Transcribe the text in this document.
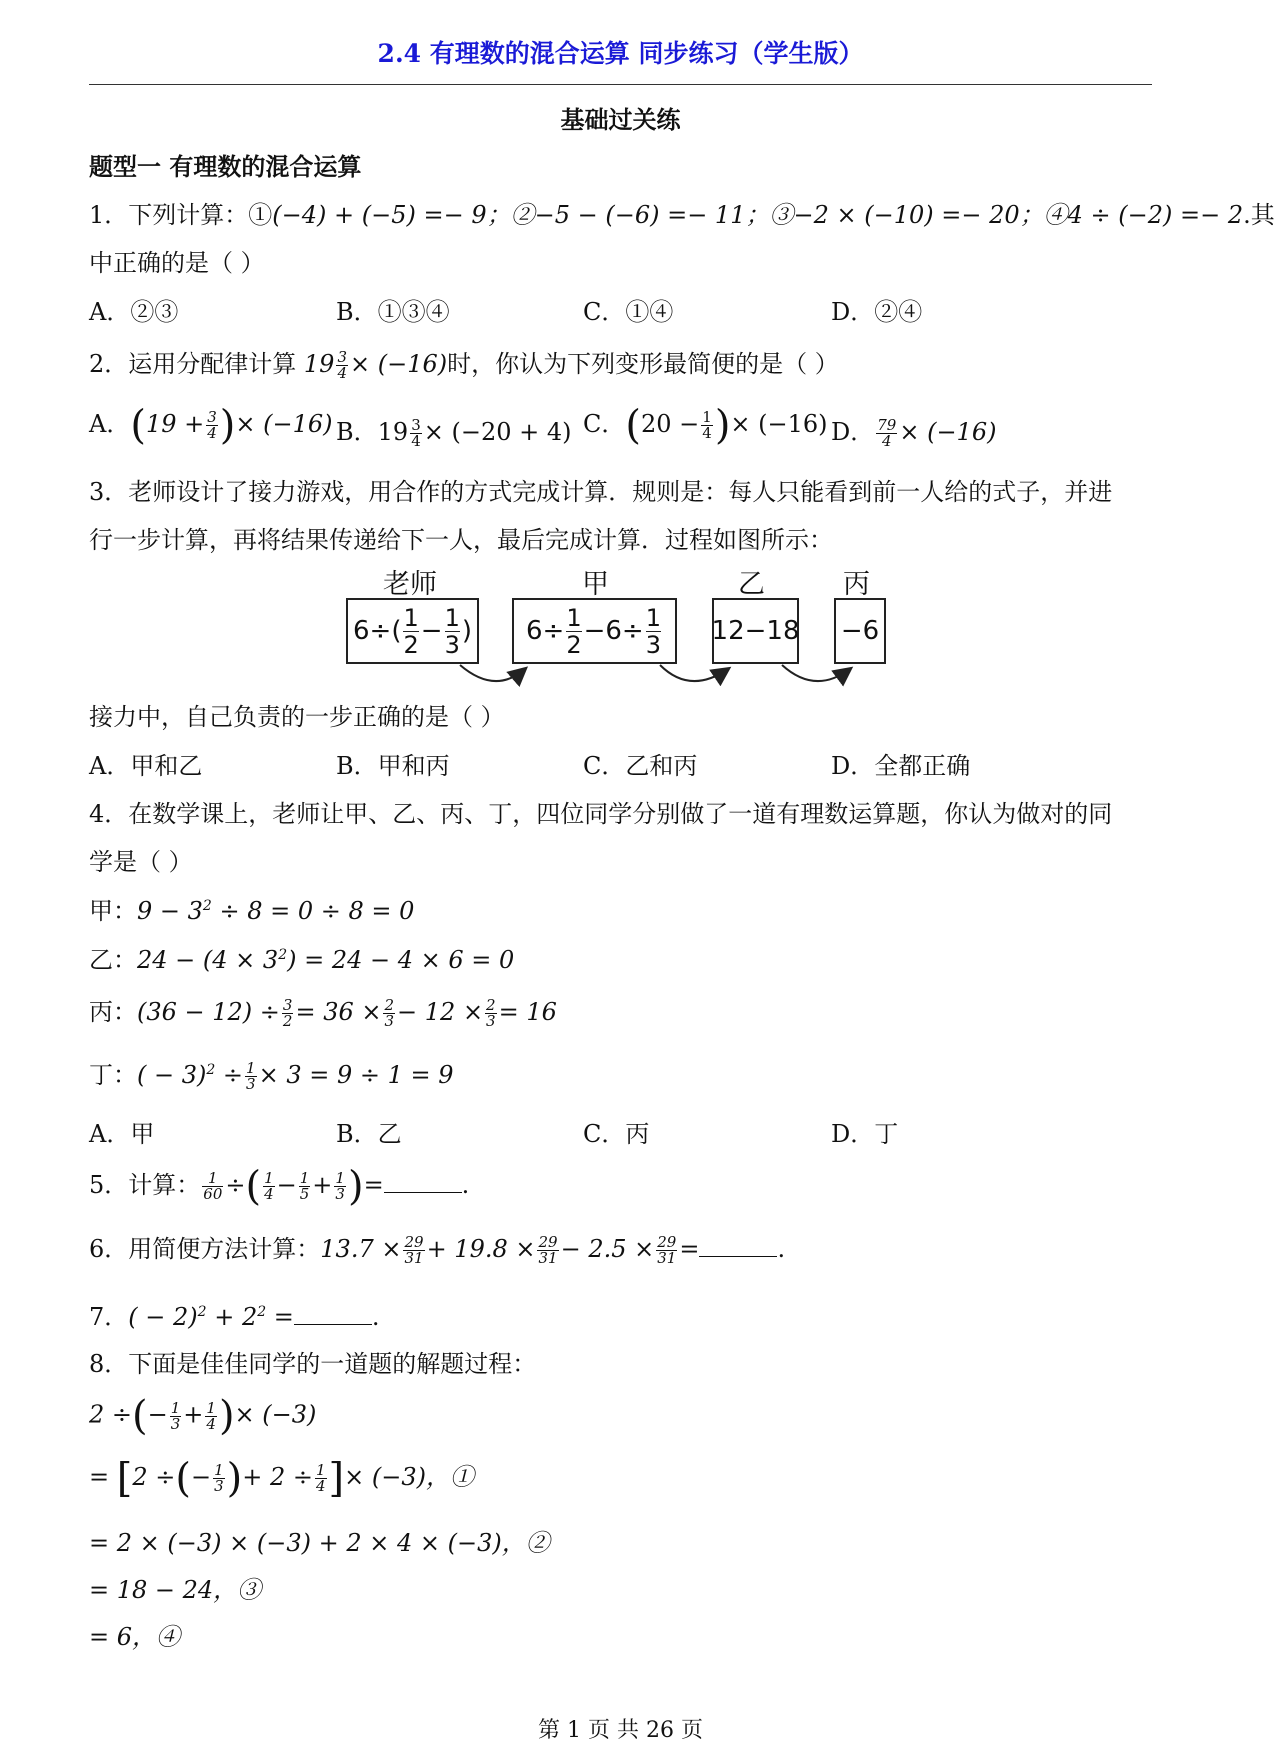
2.4 有理数的混合运算 同步练习（学生版）
基础过关练
题型一 有理数的混合运算
1．下列计算：①(−4) + (−5) =− 9；②−5 − (−6) =− 11；③−2 × (−10) =− 20；④4 ÷ (−2) =− 2.其
中正确的是（ ）
A．②③	B．①③④	C．①④	D．②④
2．运用分配律计算 $19 \frac{3}{4} \times (-16)$时，你认为下列变形最简便的是（ ）
A．($19 + \frac{3}{4}$ )× (−16) B．$19 \frac{3}{4} \times (-20 + 4)$ C．($20 - \frac{1}{4}$ )× (−16) D． $\frac{79}{4} \times (-16)$
3．老师设计了接力游戏，用合作的方式完成计算．规则是：每人只能看到前一人给的式子，并进
行一步计算，再将结果传递给下一人，最后完成计算．过程如图所示：
老师	甲	乙	丙
6÷( 1
$2 - \frac{1}{3}$ ) $6\div \frac{1}{2} -6\div \frac{1}{3} 12-18 -6$
接力中，自己负责的一步正确的是（ ）
A．甲和乙	B．甲和丙	C．乙和丙	D．全都正确
4．在数学课上，老师让甲、乙、丙、丁，四位同学分别做了一道有理数运算题，你认为做对的同
学是（ ）
甲：$9 - 3^2 \div 8 = 0 \div 8 = 0$
乙：$24 - (4 \times 3^2) = 24 - 4 \times 6 = 0$
丙：$(36 - 12) \div \frac{3}{2} = 36 \times \frac{2}{3} - 12 \times \frac{2}{3} = 16$
丁：( − $3)^2 \div \frac{1}{3} \times 3 = 9 \div 1 = 9$
A．甲	B．乙	C．丙	D．丁
5．计算： $\frac{1}{60}$ ÷( $\frac{1}{4} - \frac{1}{5} + \frac{1}{3}$ )=	.
6．用简便方法计算：$13.7 \times \frac{29}{31} + 19.8 \times \frac{29}{31} - 2.5 \times \frac{29}{31}$ =	.
7．( − $2)^2 + 2^2$ =	.
8．下面是佳佳同学的一道题的解题过程：
2 ÷(− $\frac{1}{3} + \frac{1}{4}$ )× (−3)
= [2 ÷(− $\frac{1}{3}$ )+ $2 \div \frac{1}{4}$ ]× (−3)，①
= 2 × (−3) × (−3) + 2 × 4 × (−3)，②
= 18 − 24，③
= 6，④
第 1 页 共 26 页
